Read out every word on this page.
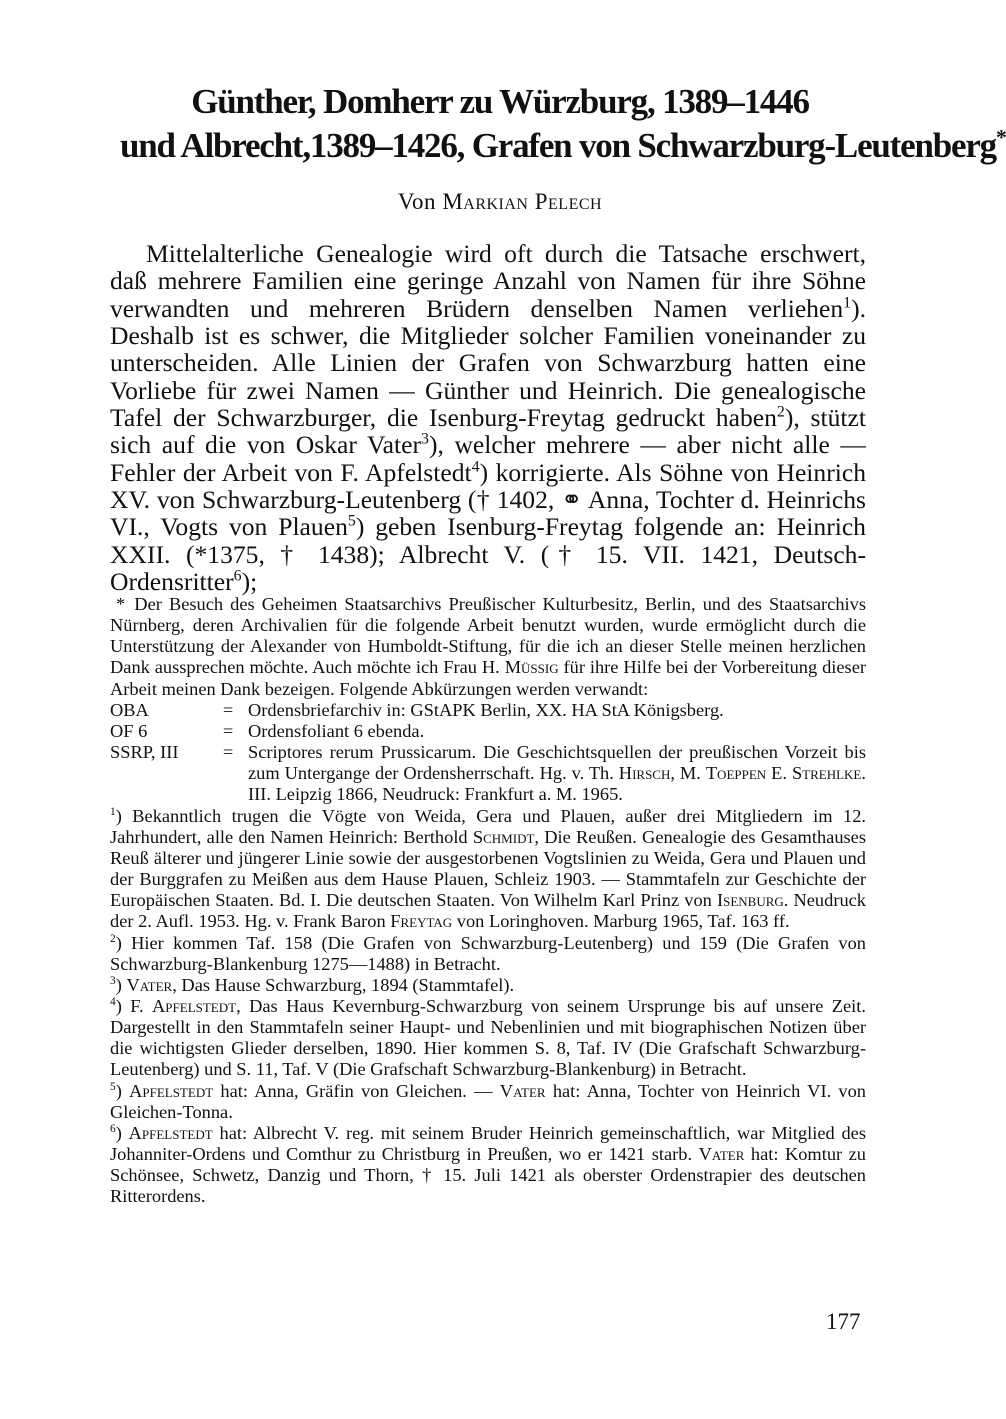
Günther, Domherr zu Würzburg, 1389–1446
und Albrecht,1389–1426, Grafen von Schwarzburg-Leutenberg*
Von Markian Pelech

Mittelalterliche Genealogie wird oft durch die Tatsache erschwert, daß mehrere Familien eine geringe Anzahl von Namen für ihre Söhne verwandten und mehreren Brüdern denselben Namen verliehen$^1$). Deshalb ist es schwer, die Mitglieder solcher Familien voneinander zu unterscheiden. Alle Linien der Grafen von Schwarzburg hatten eine Vorliebe für zwei Namen — Günther und Heinrich. Die genealogische Tafel der Schwarzburger, die Isenburg-Freytag gedruckt haben$^2$), stützt sich auf die von Oskar Vater$^3$), welcher mehrere — aber nicht alle — Fehler der Arbeit von F. Apfelstedt$^4$) korrigierte. Als Söhne von Heinrich XV. von Schwarzburg-Leutenberg († 1402, ⚭ Anna, Tochter d. Heinrichs VI., Vogts von Plauen$^5$) geben Isenburg-Freytag folgende an: Heinrich XXII. (*1375, † 1438); Albrecht V. († 15. VII. 1421, Deutsch-Ordensritter$^6$);

* Der Besuch des Geheimen Staatsarchivs Preußischer Kulturbesitz, Berlin, und des Staatsarchivs Nürnberg, deren Archivalien für die folgende Arbeit benutzt wurden, wurde ermöglicht durch die Unterstützung der Alexander von Humboldt-Stiftung, für die ich an dieser Stelle meinen herzlichen Dank aussprechen möchte. Auch möchte ich Frau H. Müssig für ihre Hilfe bei der Vorbereitung dieser Arbeit meinen Dank bezeigen. Folgende Abkürzungen werden verwandt:

OBA	=	Ordensbriefarchiv in: GStAPK Berlin, XX. HA StA Königsberg.
OF 6	=	Ordensfoliant 6 ebenda.
SSRP, III	=	Scriptores rerum Prussicarum. Die Geschichtsquellen der preußischen Vorzeit bis zum Untergange der Ordensherrschaft. Hg. v. Th. Hirsch, M. Toeppen E. Strehlke. III. Leipzig 1866, Neudruck: Frankfurt a. M. 1965.

$^1$) Bekanntlich trugen die Vögte von Weida, Gera und Plauen, außer drei Mitgliedern im 12. Jahrhundert, alle den Namen Heinrich: Berthold Schmidt, Die Reußen. Genealogie des Gesamthauses Reuß älterer und jüngerer Linie sowie der ausgestorbenen Vogtslinien zu Weida, Gera und Plauen und der Burggrafen zu Meißen aus dem Hause Plauen, Schleiz 1903. — Stammtafeln zur Geschichte der Europäischen Staaten. Bd. I. Die deutschen Staaten. Von Wilhelm Karl Prinz von Isenburg. Neudruck der 2. Aufl. 1953. Hg. v. Frank Baron Freytag von Loringhoven. Marburg 1965, Taf. 163 ff.

$^2$) Hier kommen Taf. 158 (Die Grafen von Schwarzburg-Leutenberg) und 159 (Die Grafen von Schwarzburg-Blankenburg 1275—1488) in Betracht.

$^3$) Vater, Das Hause Schwarzburg, 1894 (Stammtafel).

$^4$) F. Apfelstedt, Das Haus Kevernburg-Schwarzburg von seinem Ursprunge bis auf unsere Zeit. Dargestellt in den Stammtafeln seiner Haupt- und Nebenlinien und mit biographischen Notizen über die wichtigsten Glieder derselben, 1890. Hier kommen S. 8, Taf. IV (Die Grafschaft Schwarzburg-Leutenberg) und S. 11, Taf. V (Die Grafschaft Schwarzburg-Blankenburg) in Betracht.

$^5$) Apfelstedt hat: Anna, Gräfin von Gleichen. — Vater hat: Anna, Tochter von Heinrich VI. von Gleichen-Tonna.

$^6$) Apfelstedt hat: Albrecht V. reg. mit seinem Bruder Heinrich gemeinschaftlich, war Mitglied des Johanniter-Ordens und Comthur zu Christburg in Preußen, wo er 1421 starb. Vater hat: Komtur zu Schönsee, Schwetz, Danzig und Thorn, † 15. Juli 1421 als oberster Ordenstrapier des deutschen Ritterordens.

177
